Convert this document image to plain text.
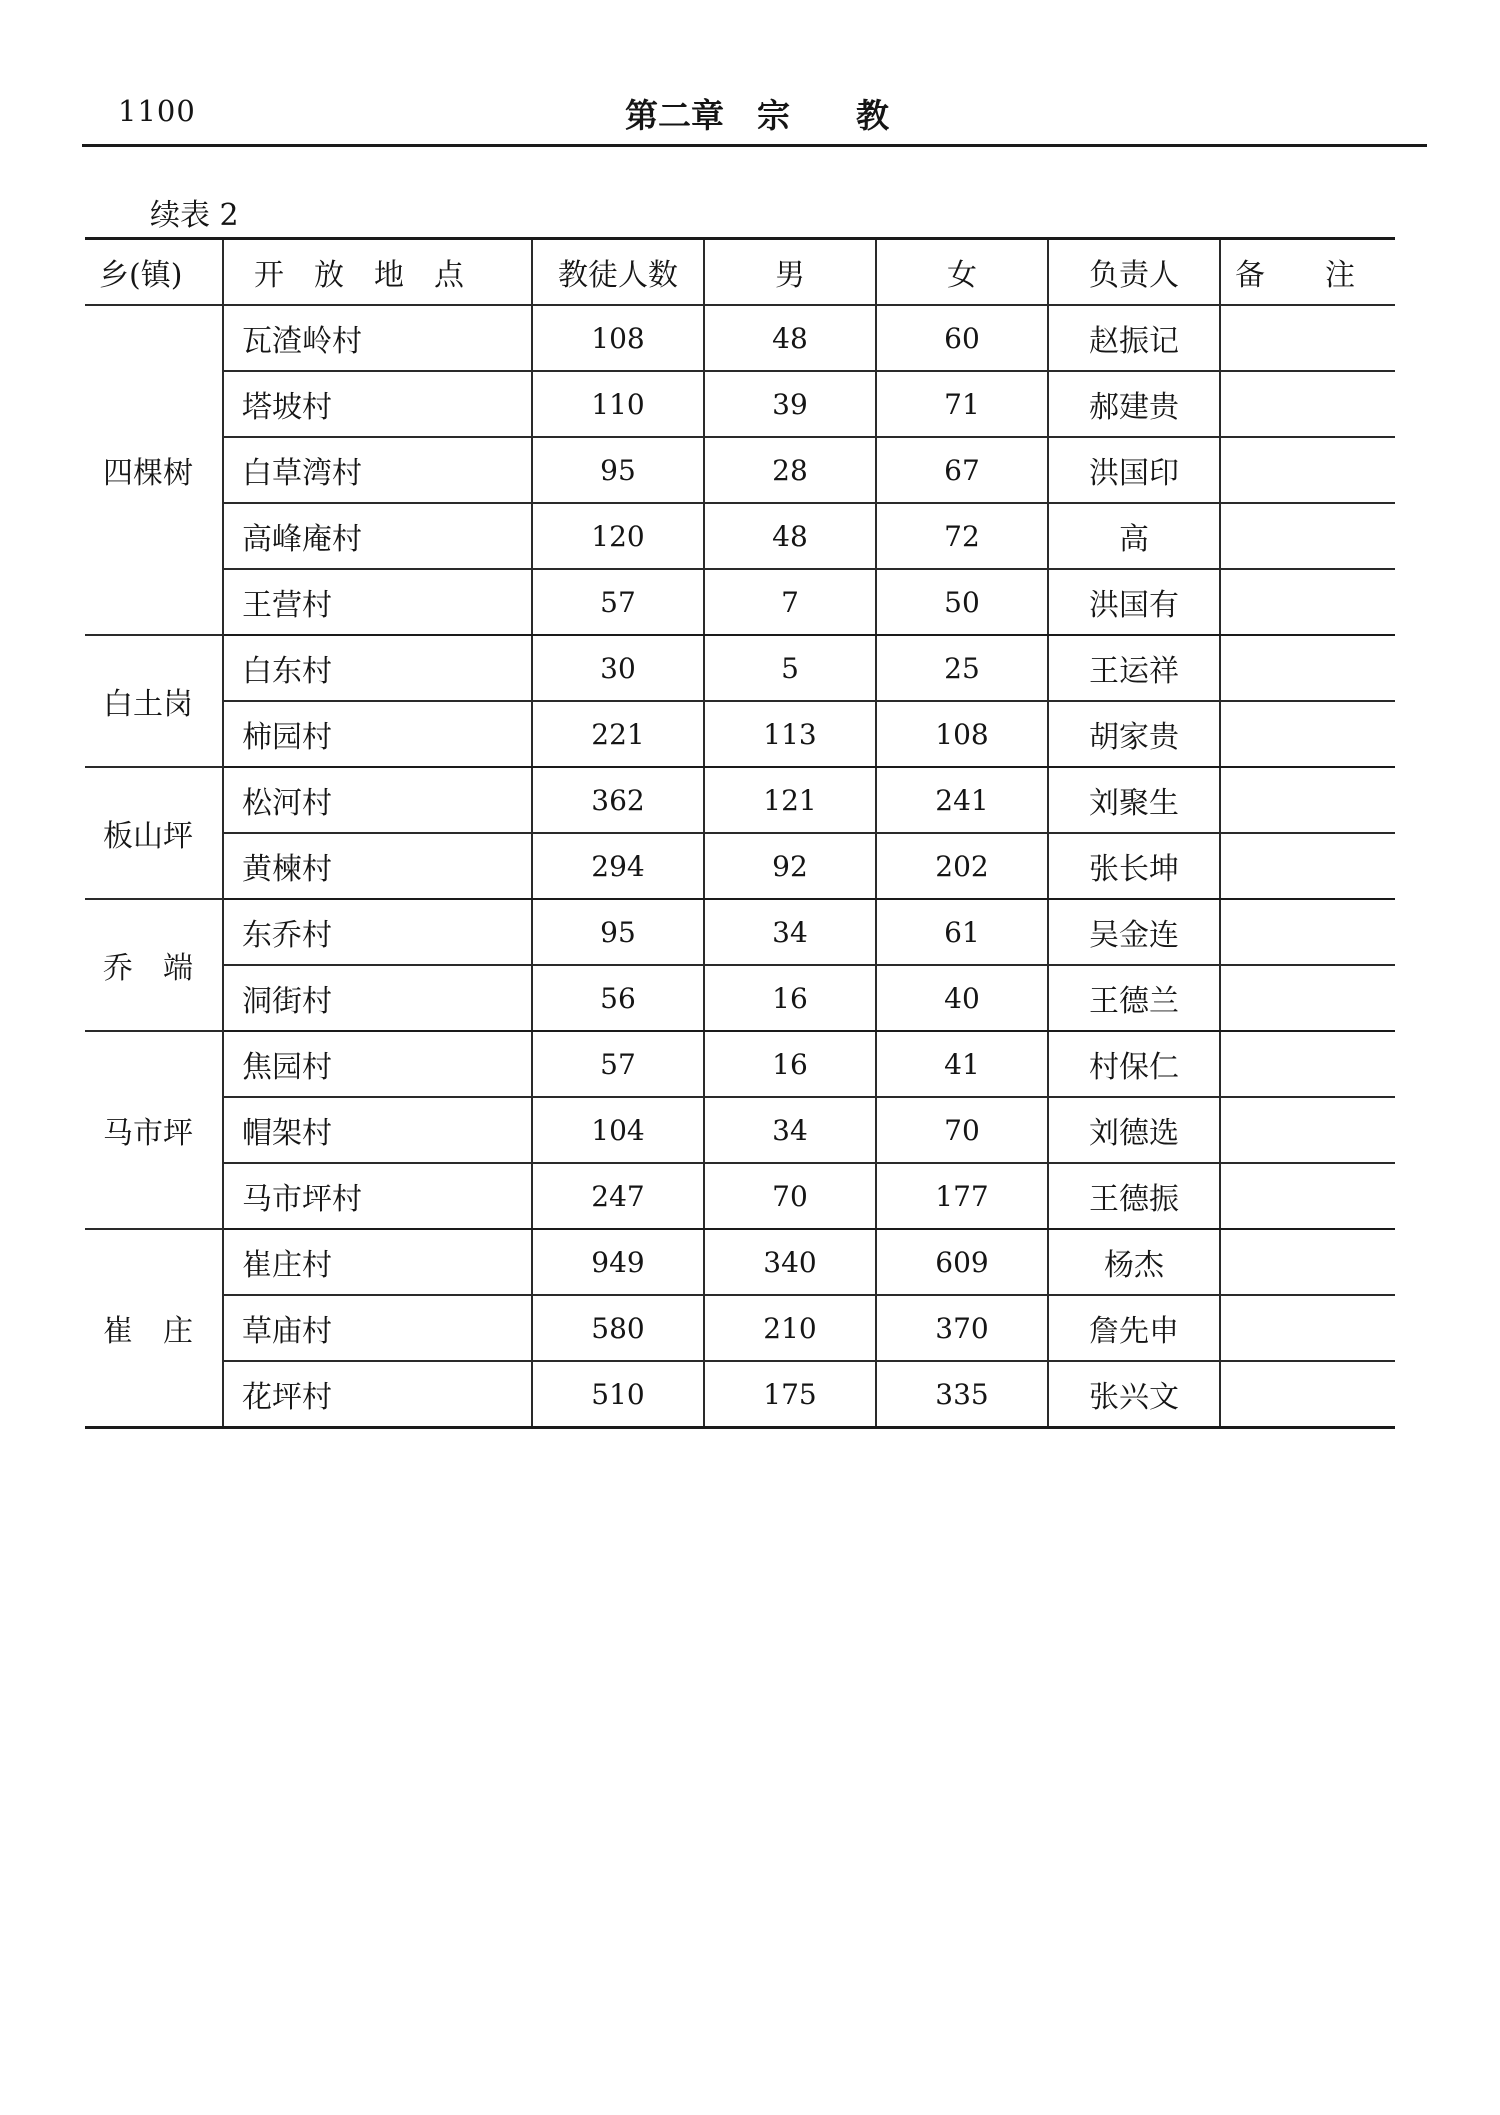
1100	第二章　宗　　教
续表 2
乡(镇)	开　放　地　点	教徒人数	男	女	负责人	备　　注
四棵树	瓦渣岭村	108	48	60	赵振记	
	塔坡村	110	39	71	郝建贵	
	白草湾村	95	28	67	洪国印	
	高峰庵村	120	48	72	高	
	王营村	57	7	50	洪国有	
白土岗	白东村	30	5	25	王运祥	
	柿园村	221	113	108	胡家贵	
板山坪	松河村	362	121	241	刘聚生	
	黄楝村	294	92	202	张长坤	
乔　端	东乔村	95	34	61	吴金连	
	洞街村	56	16	40	王德兰	
马市坪	焦园村	57	16	41	村保仁	
	帽架村	104	34	70	刘德选	
	马市坪村	247	70	177	王德振	
崔　庄	崔庄村	949	340	609	杨杰	
	草庙村	580	210	370	詹先申	
	花坪村	510	175	335	张兴文	
